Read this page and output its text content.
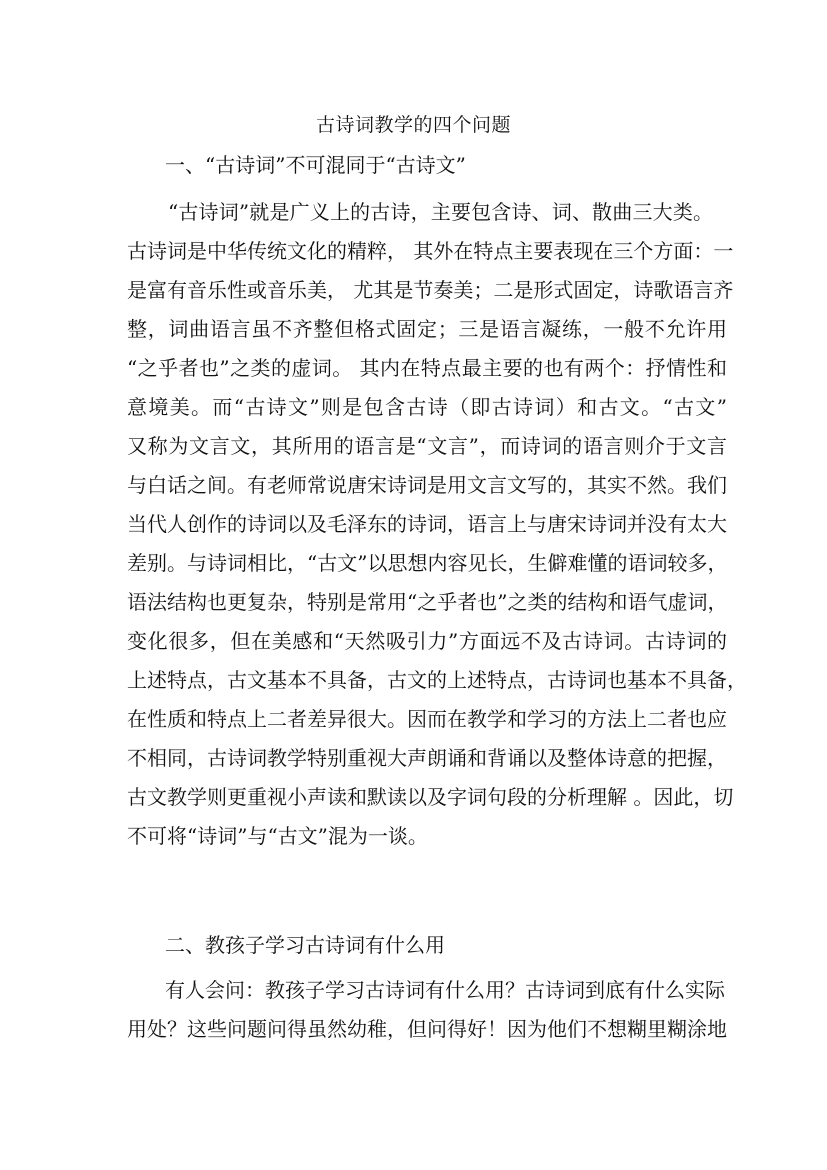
古诗词教学的四个问题
一、“古诗词”不可混同于“古诗文”
“古诗词”就是广义上的古诗，主要包含诗、词、散曲三大类。
古诗词是中华传统文化的精粹， 其外在特点主要表现在三个方面：一
是富有音乐性或音乐美， 尤其是节奏美；二是形式固定，诗歌语言齐
整，词曲语言虽不齐整但格式固定；三是语言凝练，一般不允许用
“之乎者也”之类的虚词。 其内在特点最主要的也有两个：抒情性和
意境美。而“古诗文”则是包含古诗（即古诗词）和古文。“古文”
又称为文言文，其所用的语言是“文言”，而诗词的语言则介于文言
与白话之间。有老师常说唐宋诗词是用文言文写的，其实不然。我们
当代人创作的诗词以及毛泽东的诗词，语言上与唐宋诗词并没有太大
差别。与诗词相比，“古文”以思想内容见长，生僻难懂的语词较多，
语法结构也更复杂，特别是常用“之乎者也”之类的结构和语气虚词，
变化很多，但在美感和“天然吸引力”方面远不及古诗词。古诗词的
上述特点，古文基本不具备，古文的上述特点，古诗词也基本不具备，
在性质和特点上二者差异很大。因而在教学和学习的方法上二者也应
不相同，古诗词教学特别重视大声朗诵和背诵以及整体诗意的把握，
古文教学则更重视小声读和默读以及字词句段的分析理解 。因此，切
不可将“诗词”与“古文”混为一谈。
二、教孩子学习古诗词有什么用
有人会问：教孩子学习古诗词有什么用？古诗词到底有什么实际
用处？这些问题问得虽然幼稚，但问得好！因为他们不想糊里糊涂地
